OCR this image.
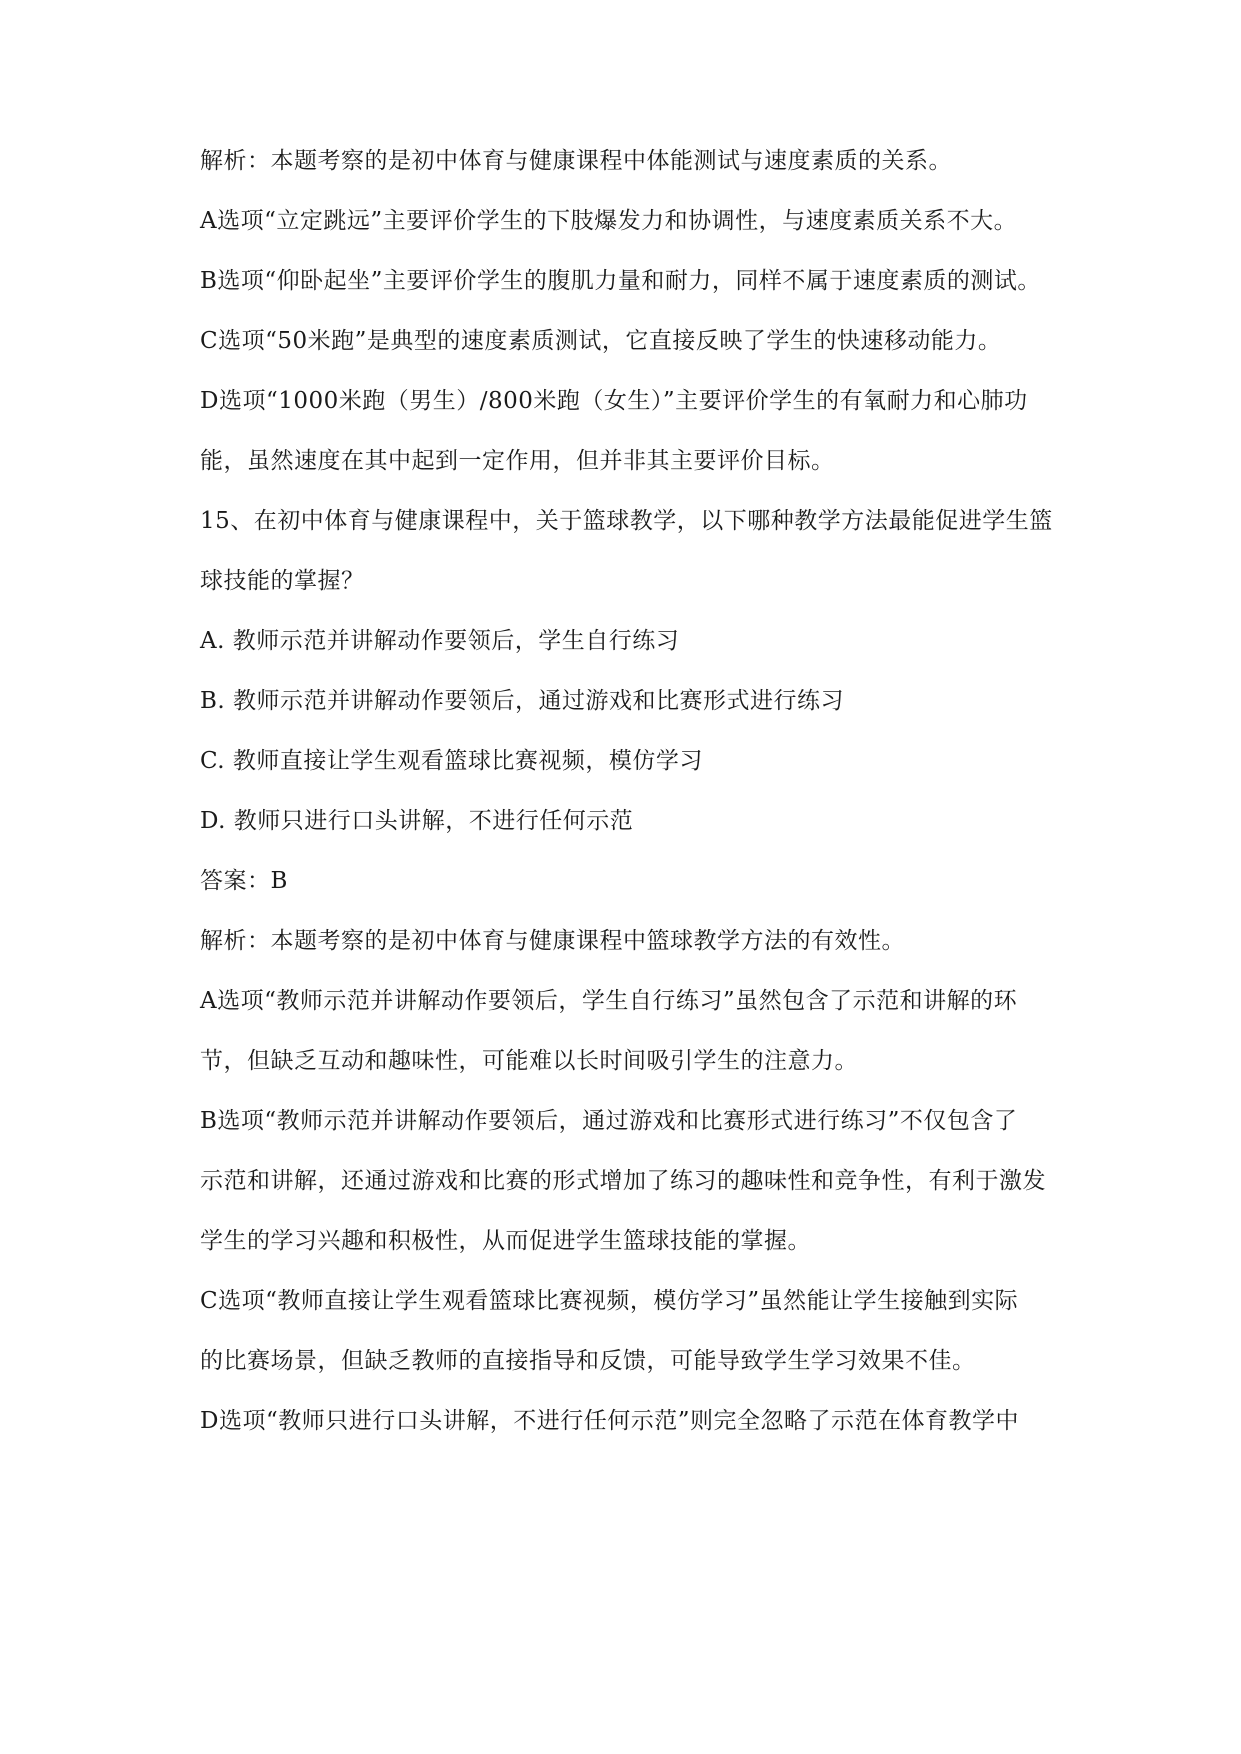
解析：本题考察的是初中体育与健康课程中体能测试与速度素质的关系。
A选项“立定跳远”主要评价学生的下肢爆发力和协调性，与速度素质关系不大。
B选项“仰卧起坐”主要评价学生的腹肌力量和耐力，同样不属于速度素质的测试。
C选项“50米跑”是典型的速度素质测试，它直接反映了学生的快速移动能力。
D选项“1000米跑（男生）/800米跑（女生）”主要评价学生的有氧耐力和心肺功
能，虽然速度在其中起到一定作用，但并非其主要评价目标。
15、在初中体育与健康课程中，关于篮球教学，以下哪种教学方法最能促进学生篮
球技能的掌握？
A. 教师示范并讲解动作要领后，学生自行练习
B. 教师示范并讲解动作要领后，通过游戏和比赛形式进行练习
C. 教师直接让学生观看篮球比赛视频，模仿学习
D. 教师只进行口头讲解，不进行任何示范
答案：B
解析：本题考察的是初中体育与健康课程中篮球教学方法的有效性。
A选项“教师示范并讲解动作要领后，学生自行练习”虽然包含了示范和讲解的环
节，但缺乏互动和趣味性，可能难以长时间吸引学生的注意力。
B选项“教师示范并讲解动作要领后，通过游戏和比赛形式进行练习”不仅包含了
示范和讲解，还通过游戏和比赛的形式增加了练习的趣味性和竞争性，有利于激发
学生的学习兴趣和积极性，从而促进学生篮球技能的掌握。
C选项“教师直接让学生观看篮球比赛视频，模仿学习”虽然能让学生接触到实际
的比赛场景，但缺乏教师的直接指导和反馈，可能导致学生学习效果不佳。
D选项“教师只进行口头讲解，不进行任何示范”则完全忽略了示范在体育教学中
